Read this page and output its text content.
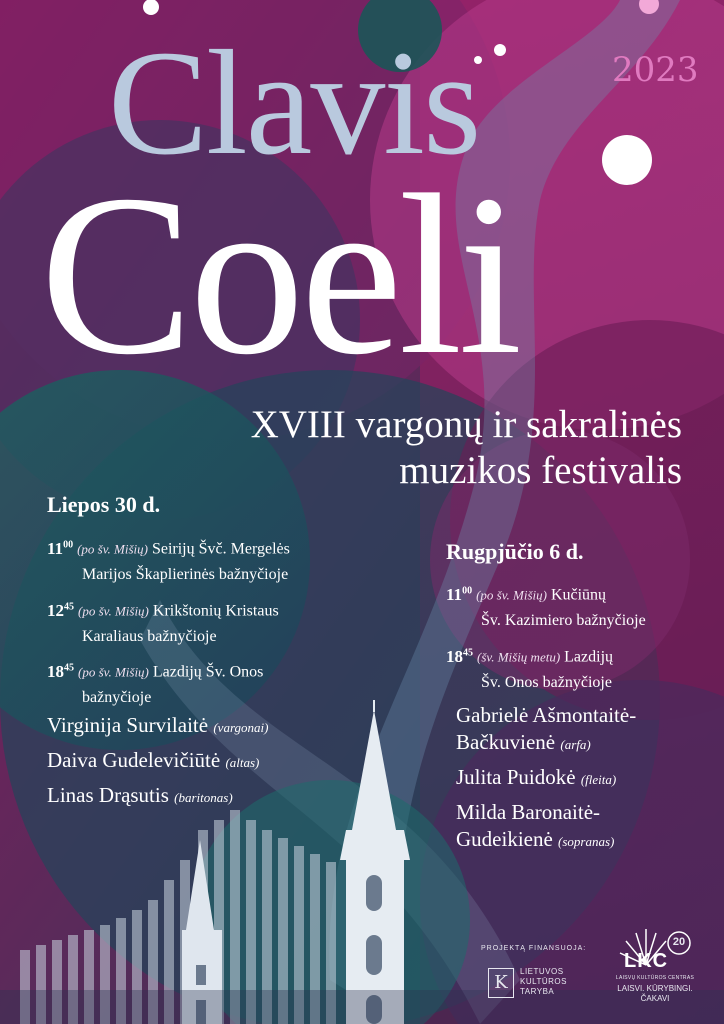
2023
Clavis
Coeli
XVIII vargonų ir sakralinės
muzikos festivalis
Liepos 30 d.
$11^{00}$ (po šv. Mišių) Seirijų Švč. Mergelės
Marijos Škaplierinės bažnyčioje
$12^{45}$ (po šv. Mišių) Krikštonių Kristaus
Karaliaus bažnyčioje
$18^{45}$ (po šv. Mišių) Lazdijų Šv. Onos
bažnyčioje
Virginija Survilaitė (vargonai)
Daiva Gudelevičiūtė (altas)
Linas Drąsutis (baritonas)
Rugpjūčio 6 d.
$11^{00}$ (po šv. Mišių) Kučiūnų
Šv. Kazimiero bažnyčioje
$18^{45}$ (šv. Mišių metu) Lazdijų
Šv. Onos bažnyčioje
Gabrielė Ašmontaitė-
Bačkuvienė (arfa)
Julita Puidokė (fleita)
Milda Baronaitė-
Gudeikienė (sopranas)
PROJEKTĄ FINANSUOJA:
K
LIETUVOS
KULTŪROS
TARYBA
20
LKC
LAISVŲ KULTŪROS CENTRAS
LAISVI. KŪRYBINGI.
ČAKAVI
